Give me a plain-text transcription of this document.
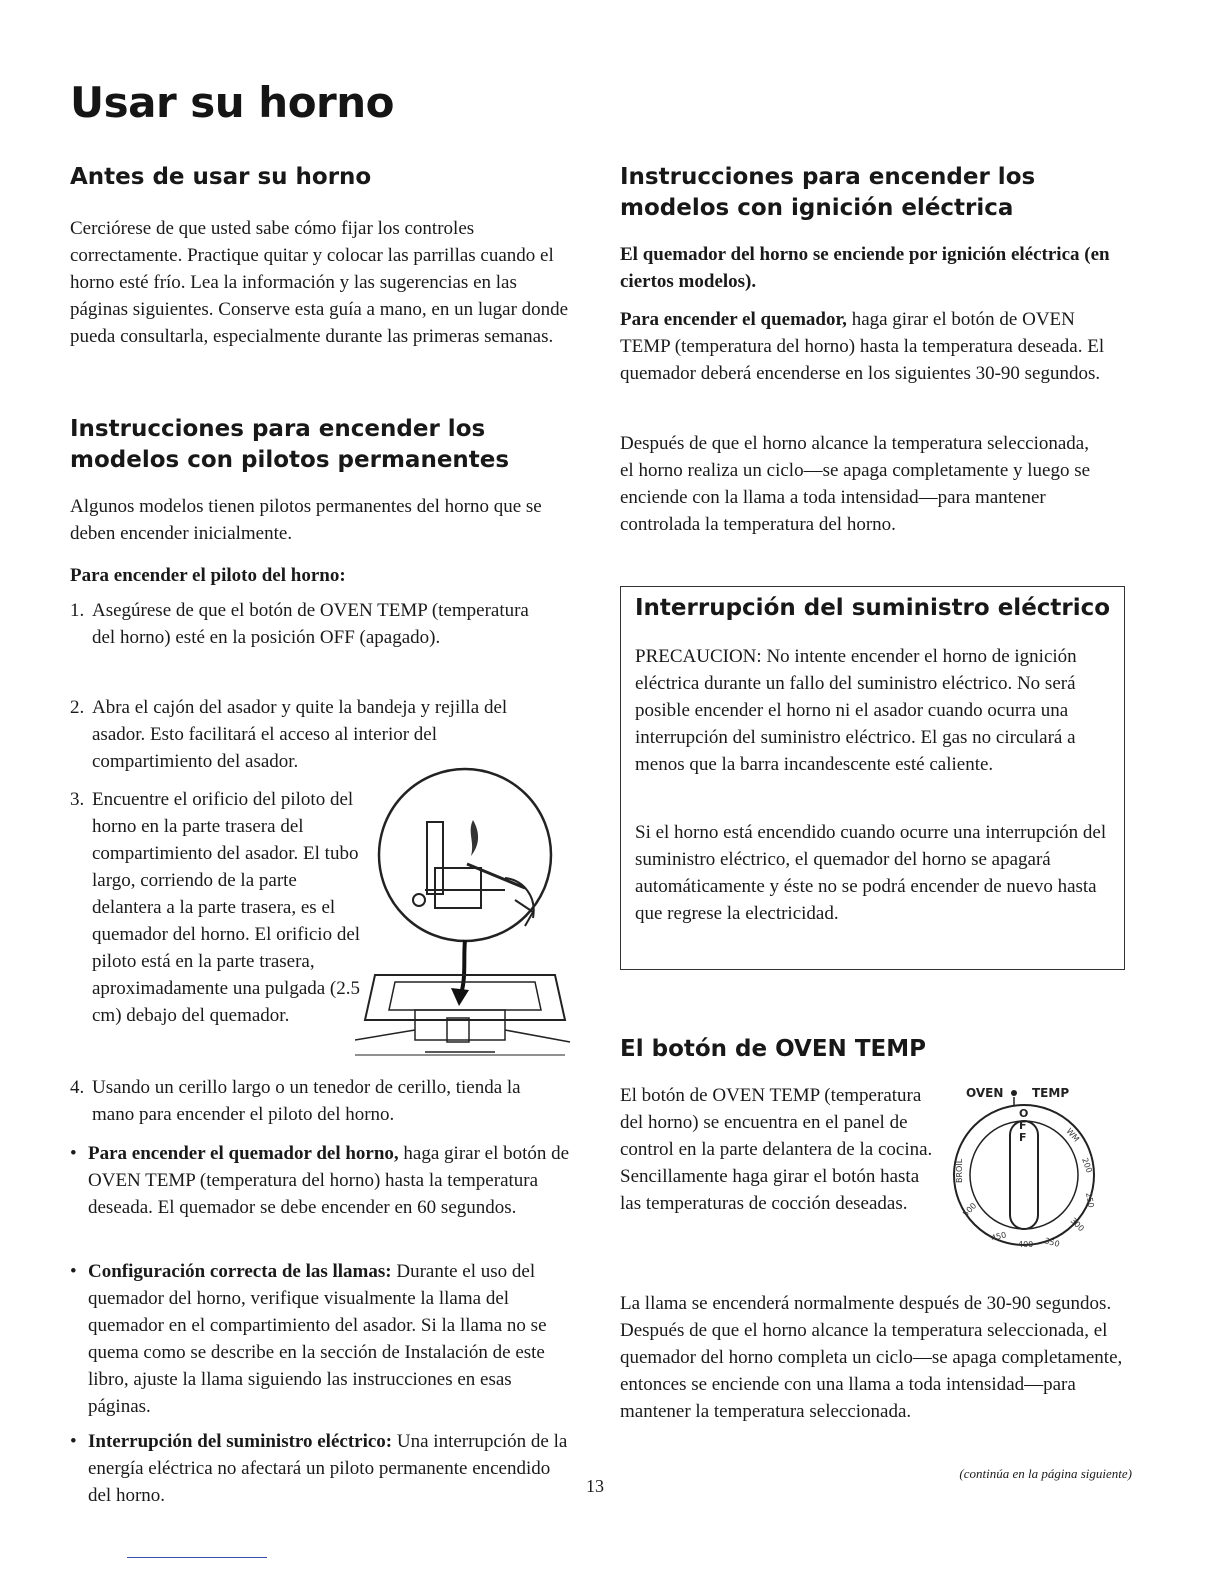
Usar su horno
Antes de usar su horno

Cerciórese de que usted sabe cómo fijar los controles correctamente. Practique quitar y colocar las parrillas cuando el horno esté frío. Lea la información y las sugerencias en las páginas siguientes. Conserve esta guía a mano, en un lugar donde pueda consultarla, especialmente durante las primeras semanas.

Instrucciones para encender los modelos con pilotos permanentes

Algunos modelos tienen pilotos permanentes del horno que se deben encender inicialmente.

Para encender el piloto del horno:

1. Asegúrese de que el botón de OVEN TEMP (temperatura del horno) esté en la posición OFF (apagado).
2. Abra el cajón del asador y quite la bandeja y rejilla del asador. Esto facilitará el acceso al interior del compartimiento del asador.
3. Encuentre el orificio del piloto del horno en la parte trasera del compartimiento del asador. El tubo largo, corriendo de la parte delantera a la parte trasera, es el quemador del horno. El orificio del piloto está en la parte trasera, aproximadamente una pulgada (2.5 cm) debajo del quemador.
4. Usando un cerillo largo o un tenedor de cerillo, tienda la mano para encender el piloto del horno.
• Para encender el quemador del horno, haga girar el botón de OVEN TEMP (temperatura del horno) hasta la temperatura deseada. El quemador se debe encender en 60 segundos.
• Configuración correcta de las llamas: Durante el uso del quemador del horno, verifique visualmente la llama del quemador en el compartimiento del asador. Si la llama no se quema como se describe en la sección de Instalación de este libro, ajuste la llama siguiendo las instrucciones en esas páginas.
• Interrupción del suministro eléctrico: Una interrupción de la energía eléctrica no afectará un piloto permanente encendido del horno.
Instrucciones para encender los modelos con ignición eléctrica

El quemador del horno se enciende por ignición eléctrica (en ciertos modelos).

Para encender el quemador, haga girar el botón de OVEN TEMP (temperatura del horno) hasta la temperatura deseada. El quemador deberá encenderse en los siguientes 30-90 segundos.

Después de que el horno alcance la temperatura seleccionada, el horno realiza un ciclo—se apaga completamente y luego se enciende con la llama a toda intensidad—para mantener controlada la temperatura del horno.

Interrupción del suministro eléctrico

PRECAUCION: No intente encender el horno de ignición eléctrica durante un fallo del suministro eléctrico. No será posible encender el horno ni el asador cuando ocurra una interrupción del suministro eléctrico. El gas no circulará a menos que la barra incandescente esté caliente.

Si el horno está encendido cuando ocurre una interrupción del suministro eléctrico, el quemador del horno se apagará automáticamente y éste no se podrá encender de nuevo hasta que regrese la electricidad.

El botón de OVEN TEMP

El botón de OVEN TEMP (temperatura del horno) se encuentra en el panel de control en la parte delantera de la cocina. Sencillamente haga girar el botón hasta las temperaturas de cocción deseadas.

La llama se encenderá normalmente después de 30-90 segundos. Después de que el horno alcance la temperatura seleccionada, el quemador del horno completa un ciclo—se apaga completamente, entonces se enciende con una llama a toda intensidad—para mantener la temperatura seleccionada.

OVEN TEMP
O
F
F
BROIL
500
450
400 350
300
250
200
WM
13
(continúa en la página siguiente)
